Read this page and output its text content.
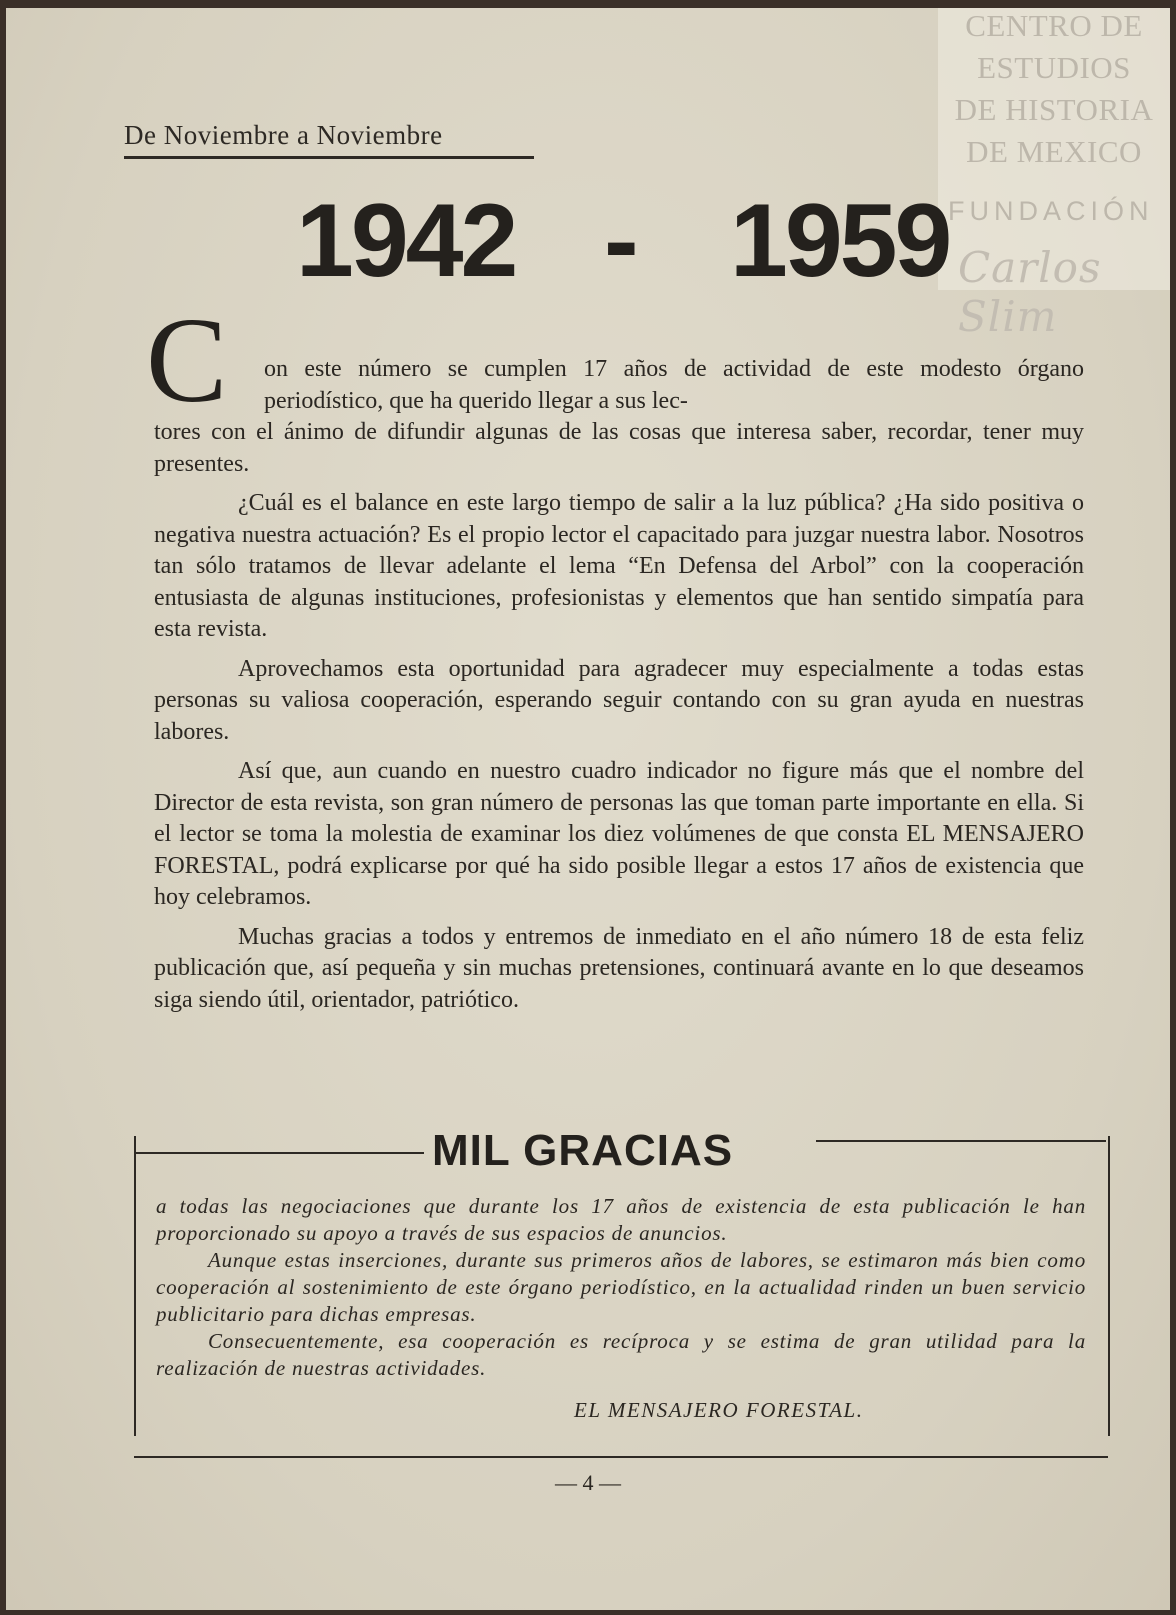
CENTRO DE
ESTUDIOS
DE HISTORIA
DE MEXICO
FUNDACIÓN
Carlos Slim
De Noviembre a Noviembre
1942 - 1959
C	on este número se cumplen 17 años de actividad de este modesto órgano periodístico, que ha querido llegar a sus lec-
tores con el ánimo de difundir algunas de las cosas que interesa saber, recordar, tener muy presentes.

¿Cuál es el balance en este largo tiempo de salir a la luz pública? ¿Ha sido positiva o negativa nuestra actuación? Es el propio lector el capacitado para juzgar nuestra labor. Nosotros tan sólo tratamos de llevar adelante el lema “En Defensa del Arbol” con la cooperación entusiasta de algunas instituciones, profesionistas y elementos que han sentido simpatía para esta revista.

Aprovechamos esta oportunidad para agradecer muy especialmente a todas estas personas su valiosa cooperación, esperando seguir contando con su gran ayuda en nuestras labores.

Así que, aun cuando en nuestro cuadro indicador no figure más que el nombre del Director de esta revista, son gran número de personas las que toman parte importante en ella. Si el lector se toma la molestia de examinar los diez volúmenes de que consta EL MENSAJERO FORESTAL, podrá explicarse por qué ha sido posible llegar a estos 17 años de existencia que hoy celebramos.

Muchas gracias a todos y entremos de inmediato en el año número 18 de esta feliz publicación que, así pequeña y sin muchas pretensiones, continuará avante en lo que deseamos siga siendo útil, orientador, patriótico.

MIL GRACIAS

a todas las negociaciones que durante los 17 años de existencia de esta publicación le han proporcionado su apoyo a través de sus espacios de anuncios.

Aunque estas inserciones, durante sus primeros años de labores, se estimaron más bien como cooperación al sostenimiento de este órgano periodístico, en la actualidad rinden un buen servicio publicitario para dichas empresas.

Consecuentemente, esa cooperación es recíproca y se estima de gran utilidad para la realización de nuestras actividades.

EL MENSAJERO FORESTAL.
— 4 —
